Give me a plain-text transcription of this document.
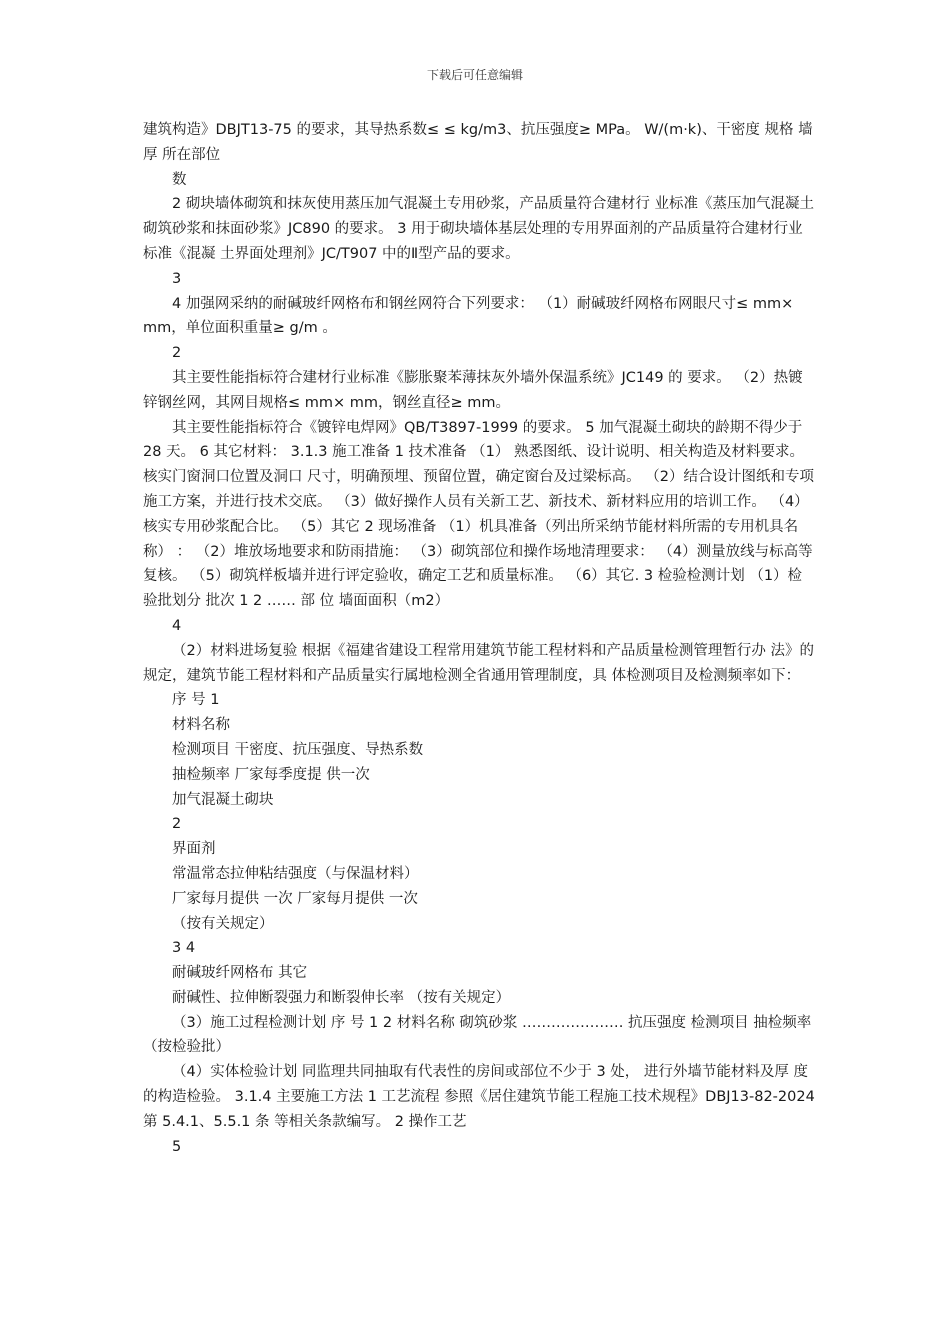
下载后可任意编辑
建筑构造》DBJT13-75 的要求，其导热系数≤ ≤ kg/m3、抗压强度≥ MPa。 W/(m·k)、干密度 规格 墙厚 所在部位
数
2 砌块墙体砌筑和抹灰使用蒸压加气混凝土专用砂浆，产品质量符合建材行 业标准《蒸压加气混凝土砌筑砂浆和抹面砂浆》JC890 的要求。 3 用于砌块墙体基层处理的专用界面剂的产品质量符合建材行业标准《混凝 土界面处理剂》JC/T907 中的Ⅱ型产品的要求。
3
4 加强网采纳的耐碱玻纤网格布和钢丝网符合下列要求： （1）耐碱玻纤网格布网眼尺寸≤ mm× mm，单位面积重量≥ g/m 。
2
其主要性能指标符合建材行业标准《膨胀聚苯薄抹灰外墙外保温系统》JC149 的 要求。 （2）热镀锌钢丝网，其网目规格≤ mm× mm，钢丝直径≥ mm。
其主要性能指标符合《镀锌电焊网》QB/T3897-1999 的要求。 5 加气混凝土砌块的龄期不得少于 28 天。 6 其它材料： 3.1.3 施工准备 1 技术准备 （1） 熟悉图纸、设计说明、相关构造及材料要求。核实门窗洞口位置及洞口 尺寸，明确预埋、预留位置，确定窗台及过梁标高。 （2）结合设计图纸和专项施工方案，并进行技术交底。 （3）做好操作人员有关新工艺、新技术、新材料应用的培训工作。 （4）核实专用砂浆配合比。 （5）其它 2 现场准备 （1）机具准备（列出所采纳节能材料所需的专用机具名称） ： （2）堆放场地要求和防雨措施： （3）砌筑部位和操作场地清理要求： （4）测量放线与标高等复核。 （5）砌筑样板墙并进行评定验收，确定工艺和质量标准。 （6）其它. 3 检验检测计划 （1）检验批划分 批次 1 2 …… 部 位 墙面面积（m2）
4
（2）材料进场复验 根据《福建省建设工程常用建筑节能工程材料和产品质量检测管理暂行办 法》的规定，建筑节能工程材料和产品质量实行属地检测全省通用管理制度，具 体检测项目及检测频率如下：
序 号 1
材料名称
检测项目 干密度、抗压强度、导热系数
抽检频率 厂家每季度提 供一次
加气混凝土砌块
2
界面剂
常温常态拉伸粘结强度（与保温材料）
厂家每月提供 一次 厂家每月提供 一次
（按有关规定）
3 4
耐碱玻纤网格布 其它
耐碱性、拉伸断裂强力和断裂伸长率 （按有关规定）
（3）施工过程检测计划 序 号 1 2 材料名称 砌筑砂浆 ………………… 抗压强度 检测项目 抽检频率 （按检验批）
（4）实体检验计划 同监理共同抽取有代表性的房间或部位不少于 3 处， 进行外墙节能材料及厚 度的构造检验。 3.1.4 主要施工方法 1 工艺流程 参照《居住建筑节能工程施工技术规程》DBJ13-82-2024 第 5.4.1、5.5.1 条 等相关条款编写。 2 操作工艺
5
